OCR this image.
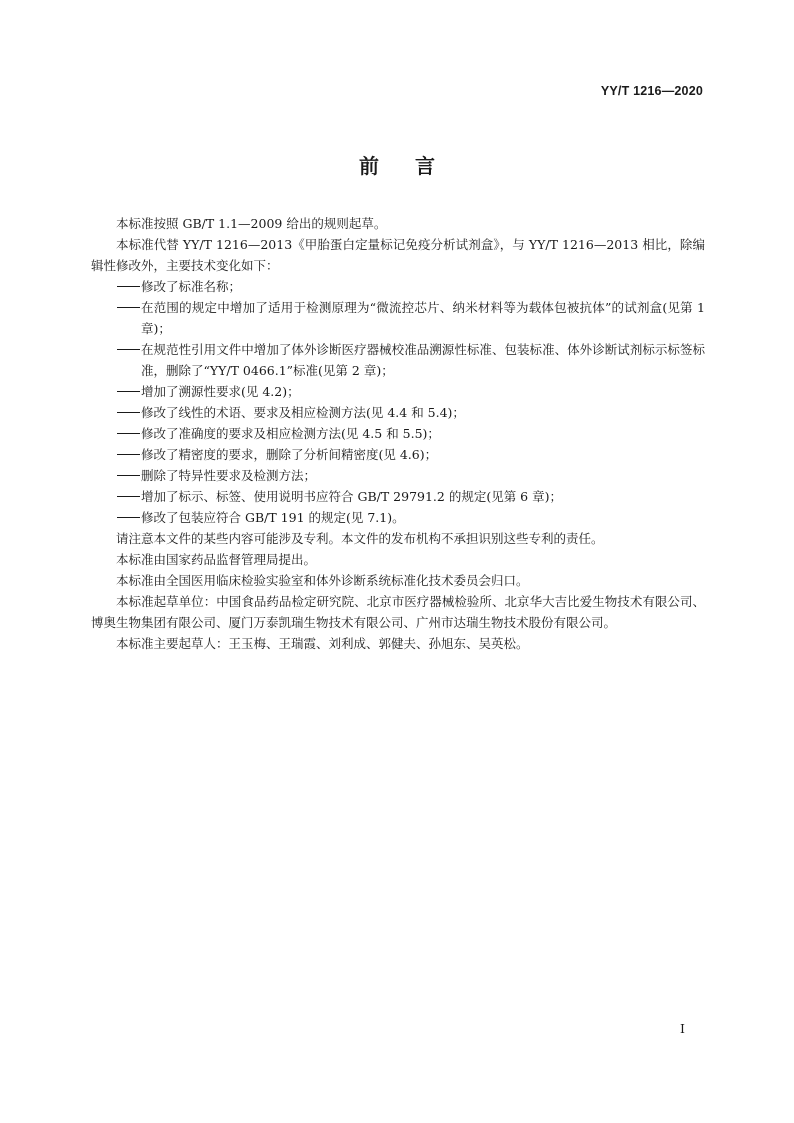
YY/T 1216—2020
前言

本标准按照 GB/T 1.1—2009 给出的规则起草。

本标准代替 YY/T 1216—2013《甲胎蛋白定量标记免疫分析试剂盒》，与 YY/T 1216—2013 相比，除编辑性修改外，主要技术变化如下：

修改了标准名称；
在范围的规定中增加了适用于检测原理为“微流控芯片、纳米材料等为载体包被抗体”的试剂盒(见第 1 章)；
在规范性引用文件中增加了体外诊断医疗器械校准品溯源性标准、包装标准、体外诊断试剂标示标签标准，删除了“YY/T 0466.1”标准(见第 2 章)；
增加了溯源性要求(见 4.2)；
修改了线性的术语、要求及相应检测方法(见 4.4 和 5.4)；
修改了准确度的要求及相应检测方法(见 4.5 和 5.5)；
修改了精密度的要求，删除了分析间精密度(见 4.6)；
删除了特异性要求及检测方法；
增加了标示、标签、使用说明书应符合 GB/T 29791.2 的规定(见第 6 章)；
修改了包装应符合 GB/T 191 的规定(见 7.1)。

请注意本文件的某些内容可能涉及专利。本文件的发布机构不承担识别这些专利的责任。

本标准由国家药品监督管理局提出。

本标准由全国医用临床检验实验室和体外诊断系统标准化技术委员会归口。

本标准起草单位：中国食品药品检定研究院、北京市医疗器械检验所、北京华大吉比爱生物技术有限公司、博奥生物集团有限公司、厦门万泰凯瑞生物技术有限公司、广州市达瑞生物技术股份有限公司。

本标准主要起草人：王玉梅、王瑞霞、刘利成、郭健夫、孙旭东、吴英松。

I
